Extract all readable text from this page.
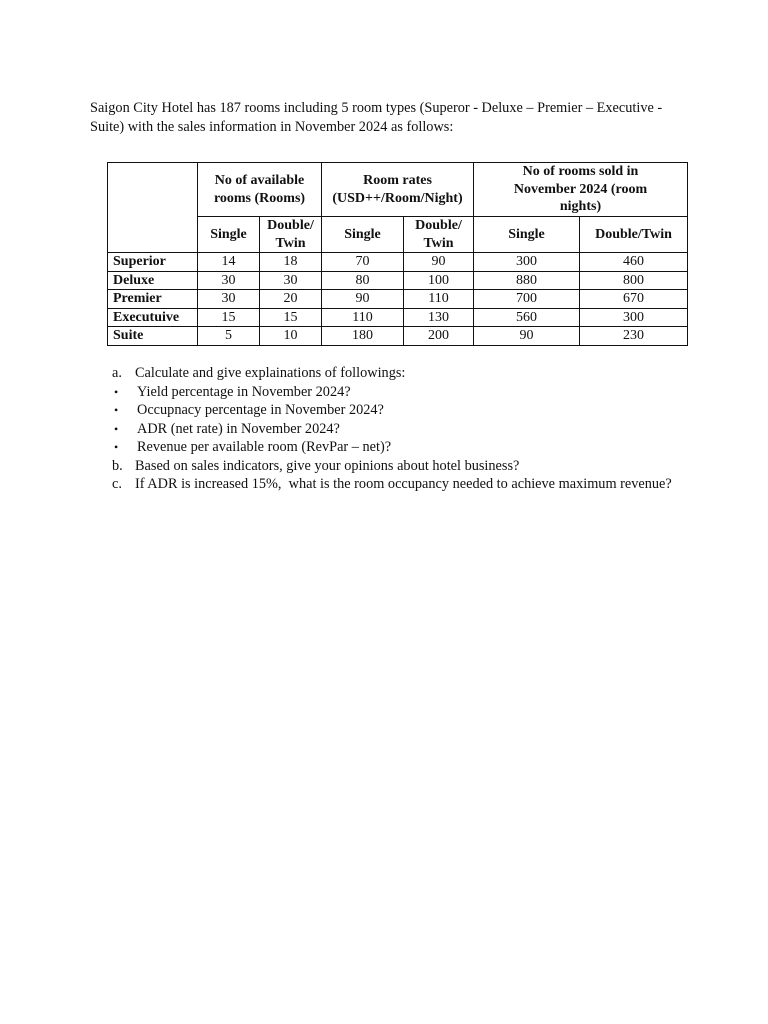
Saigon City Hotel has 187 rooms including 5 room types (Superor - Deluxe – Premier – Executive - Suite) with the sales information in November 2024 as follows:

	No of available rooms (Rooms)		Room rates (USD++/Room/Night)		No of rooms sold in November 2024 (room nights)	
	Single	Double/ Twin	Single	Double/ Twin	Single	Double/Twin
Superior	14	18	70	90	300	460
Deluxe	30	30	80	100	880	800
Premier	30	20	90	110	700	670
Executuive	15	15	110	130	560	300
Suite	5	10	180	200	90	230
a. Calculate and give explainations of followings:
•	Yield percentage in November 2024?
•	Occupnacy percentage in November 2024?
•	ADR (net rate) in November 2024?
•	Revenue per available room (RevPar – net)?
b. Based on sales indicators, give your opinions about hotel business?
c. If ADR is increased 15%,  what is the room occupancy needed to achieve maximum revenue?
